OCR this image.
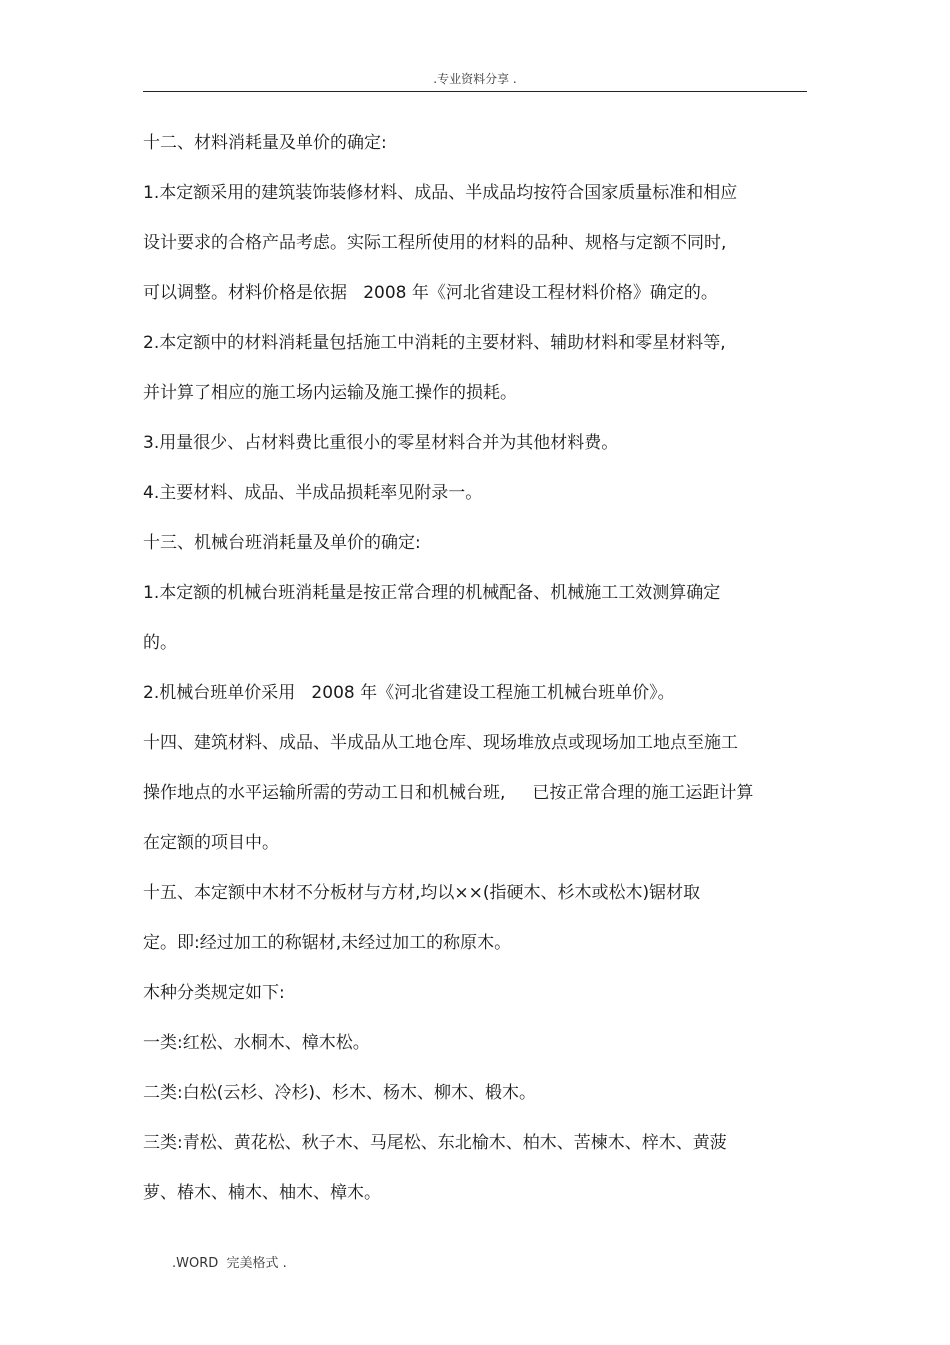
.专业资料分享 .
十二、材料消耗量及单价的确定:
1.本定额采用的建筑装饰装修材料、成品、半成品均按符合国家质量标准和相应
设计要求的合格产品考虑。实际工程所使用的材料的品种、规格与定额不同时,
可以调整。材料价格是依据   2008 年《河北省建设工程材料价格》确定的。
2.本定额中的材料消耗量包括施工中消耗的主要材料、辅助材料和零星材料等,
并计算了相应的施工场内运输及施工操作的损耗。
3.用量很少、占材料费比重很小的零星材料合并为其他材料费。
4.主要材料、成品、半成品损耗率见附录一。
十三、机械台班消耗量及单价的确定:
1.本定额的机械台班消耗量是按正常合理的机械配备、机械施工工效测算确定
的。
2.机械台班单价采用   2008 年《河北省建设工程施工机械台班单价》。
十四、建筑材料、成品、半成品从工地仓库、现场堆放点或现场加工地点至施工
操作地点的水平运输所需的劳动工日和机械台班,     已按正常合理的施工运距计算
在定额的项目中。
十五、本定额中木材不分板材与方材,均以××(指硬木、杉木或松木)锯材取
定。即:经过加工的称锯材,未经过加工的称原木。
木种分类规定如下:
一类:红松、水桐木、樟木松。
二类:白松(云杉、冷杉)、杉木、杨木、柳木、椴木。
三类:青松、黄花松、秋子木、马尾松、东北榆木、柏木、苦楝木、梓木、黄菠
萝、椿木、楠木、柚木、樟木。
.WORD  完美格式 .
